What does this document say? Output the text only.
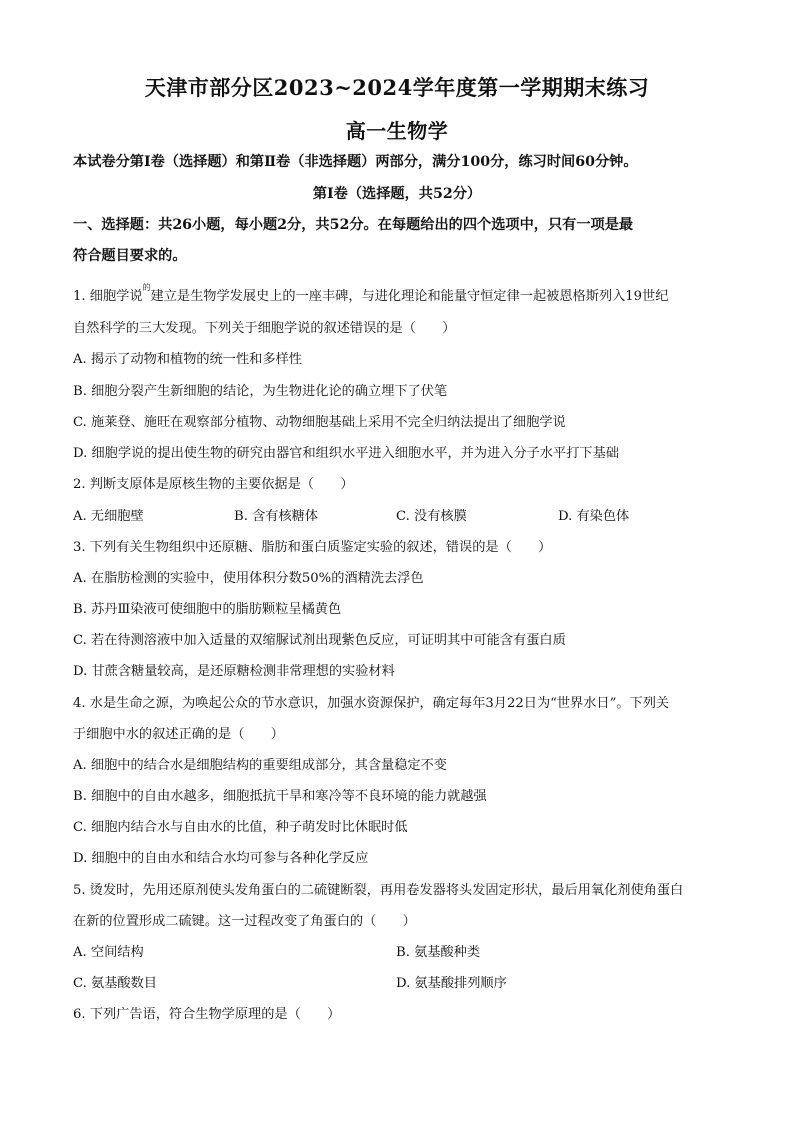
天津市部分区2023~2024学年度第一学期期末练习
高一生物学
本试卷分第Ⅰ卷（选择题）和第Ⅱ卷（非选择题）两部分，满分100分，练习时间60分钟。
第Ⅰ卷（选择题，共52分）
一、选择题：共26小题，每小题2分，共52分。在每题给出的四个选项中，只有一项是最
符合题目要求的。
1. 细胞学说$^的$建立是生物学发展史上的一座丰碑，与进化理论和能量守恒定律一起被恩格斯列入19世纪
自然科学的三大发现。下列关于细胞学说的叙述错误的是（　　）
A. 揭示了动物和植物的统一性和多样性
B. 细胞分裂产生新细胞的结论，为生物进化论的确立埋下了伏笔
C. 施莱登、施旺在观察部分植物、动物细胞基础上采用不完全归纳法提出了细胞学说
D. 细胞学说的提出使生物的研究由器官和组织水平进入细胞水平，并为进入分子水平打下基础
2. 判断支原体是原核生物的主要依据是（　　）
A. 无细胞壁	B. 含有核糖体	C. 没有核膜	D. 有染色体
3. 下列有关生物组织中还原糖、脂肪和蛋白质鉴定实验的叙述，错误的是（　　）
A. 在脂肪检测的实验中，使用体积分数50%的酒精洗去浮色
B. 苏丹Ⅲ染液可使细胞中的脂肪颗粒呈橘黄色
C. 若在待测溶液中加入适量的双缩脲试剂出现紫色反应，可证明其中可能含有蛋白质
D. 甘蔗含糖量较高，是还原糖检测非常理想的实验材料
4. 水是生命之源，为唤起公众的节水意识，加强水资源保护，确定每年3月22日为“世界水日”。下列关
于细胞中水的叙述正确的是（　　）
A. 细胞中的结合水是细胞结构的重要组成部分，其含量稳定不变
B. 细胞中的自由水越多，细胞抵抗干旱和寒冷等不良环境的能力就越强
C. 细胞内结合水与自由水的比值，种子萌发时比休眠时低
D. 细胞中的自由水和结合水均可参与各种化学反应
5. 烫发时，先用还原剂使头发角蛋白的二硫键断裂，再用卷发器将头发固定形状，最后用氧化剂使角蛋白
在新的位置形成二硫键。这一过程改变了角蛋白的（　　）
A. 空间结构	B. 氨基酸种类
C. 氨基酸数目	D. 氨基酸排列顺序
6. 下列广告语，符合生物学原理的是（　　）
